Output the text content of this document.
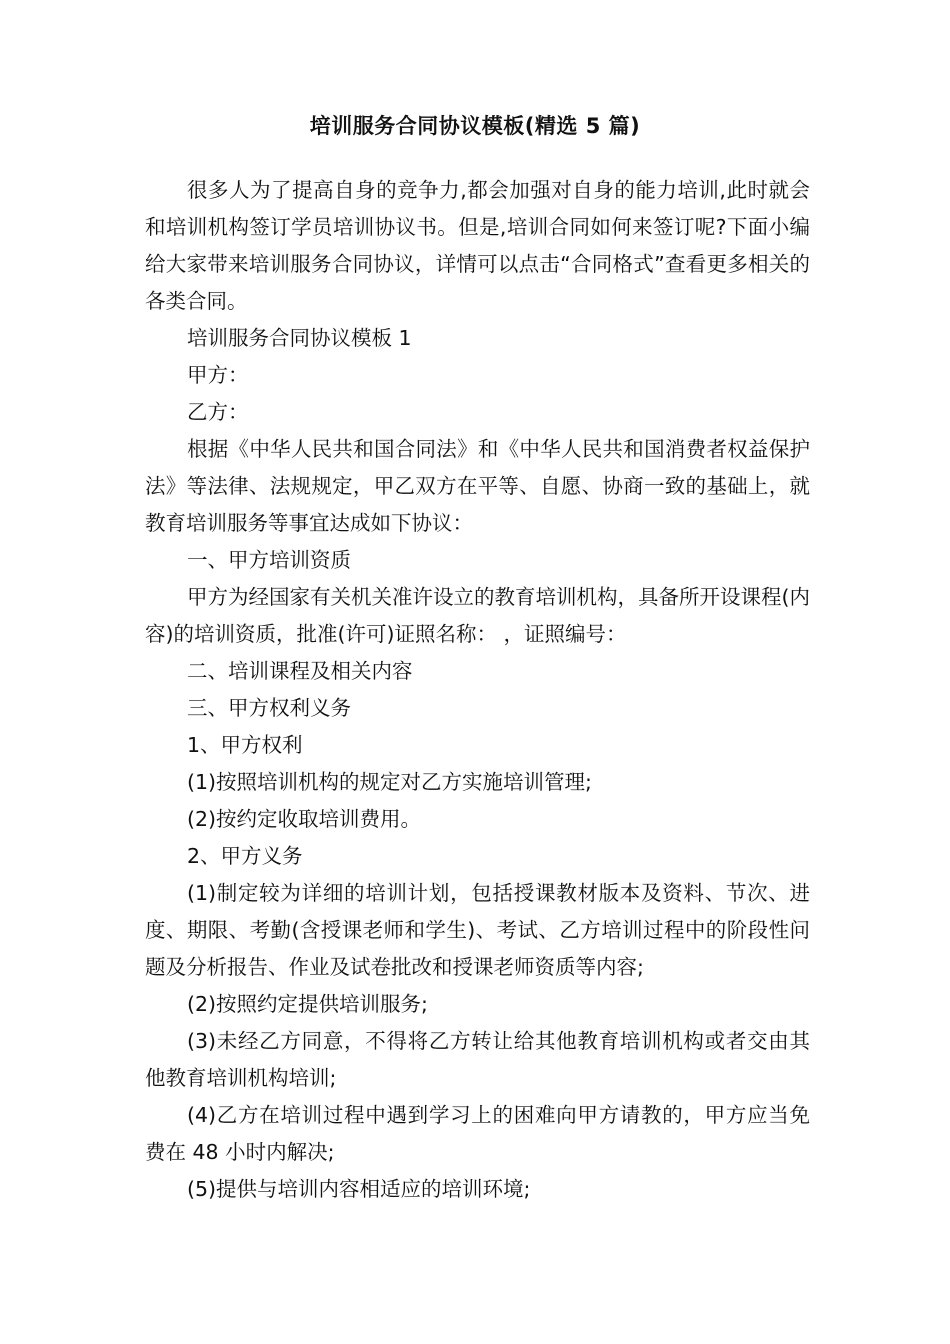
培训服务合同协议模板(精选 5 篇)

很多人为了提高自身的竞争力,都会加强对自身的能力培训,此时就会和培训机构签订学员培训协议书。但是,培训合同如何来签订呢?下面小编给大家带来培训服务合同协议，详情可以点击“合同格式”查看更多相关的各类合同。

培训服务合同协议模板 1

甲方：

乙方：

根据《中华人民共和国合同法》和《中华人民共和国消费者权益保护法》等法律、法规规定，甲乙双方在平等、自愿、协商一致的基础上，就教育培训服务等事宜达成如下协议：

一、甲方培训资质

甲方为经国家有关机关准许设立的教育培训机构，具备所开设课程(内容)的培训资质，批准(许可)证照名称： ，证照编号：

二、培训课程及相关内容

三、甲方权利义务

1、甲方权利

(1)按照培训机构的规定对乙方实施培训管理;

(2)按约定收取培训费用。

2、甲方义务

(1)制定较为详细的培训计划，包括授课教材版本及资料、节次、进度、期限、考勤(含授课老师和学生)、考试、乙方培训过程中的阶段性问题及分析报告、作业及试卷批改和授课老师资质等内容;

(2)按照约定提供培训服务;

(3)未经乙方同意，不得将乙方转让给其他教育培训机构或者交由其他教育培训机构培训;

(4)乙方在培训过程中遇到学习上的困难向甲方请教的，甲方应当免费在 48 小时内解决;

(5)提供与培训内容相适应的培训环境;
